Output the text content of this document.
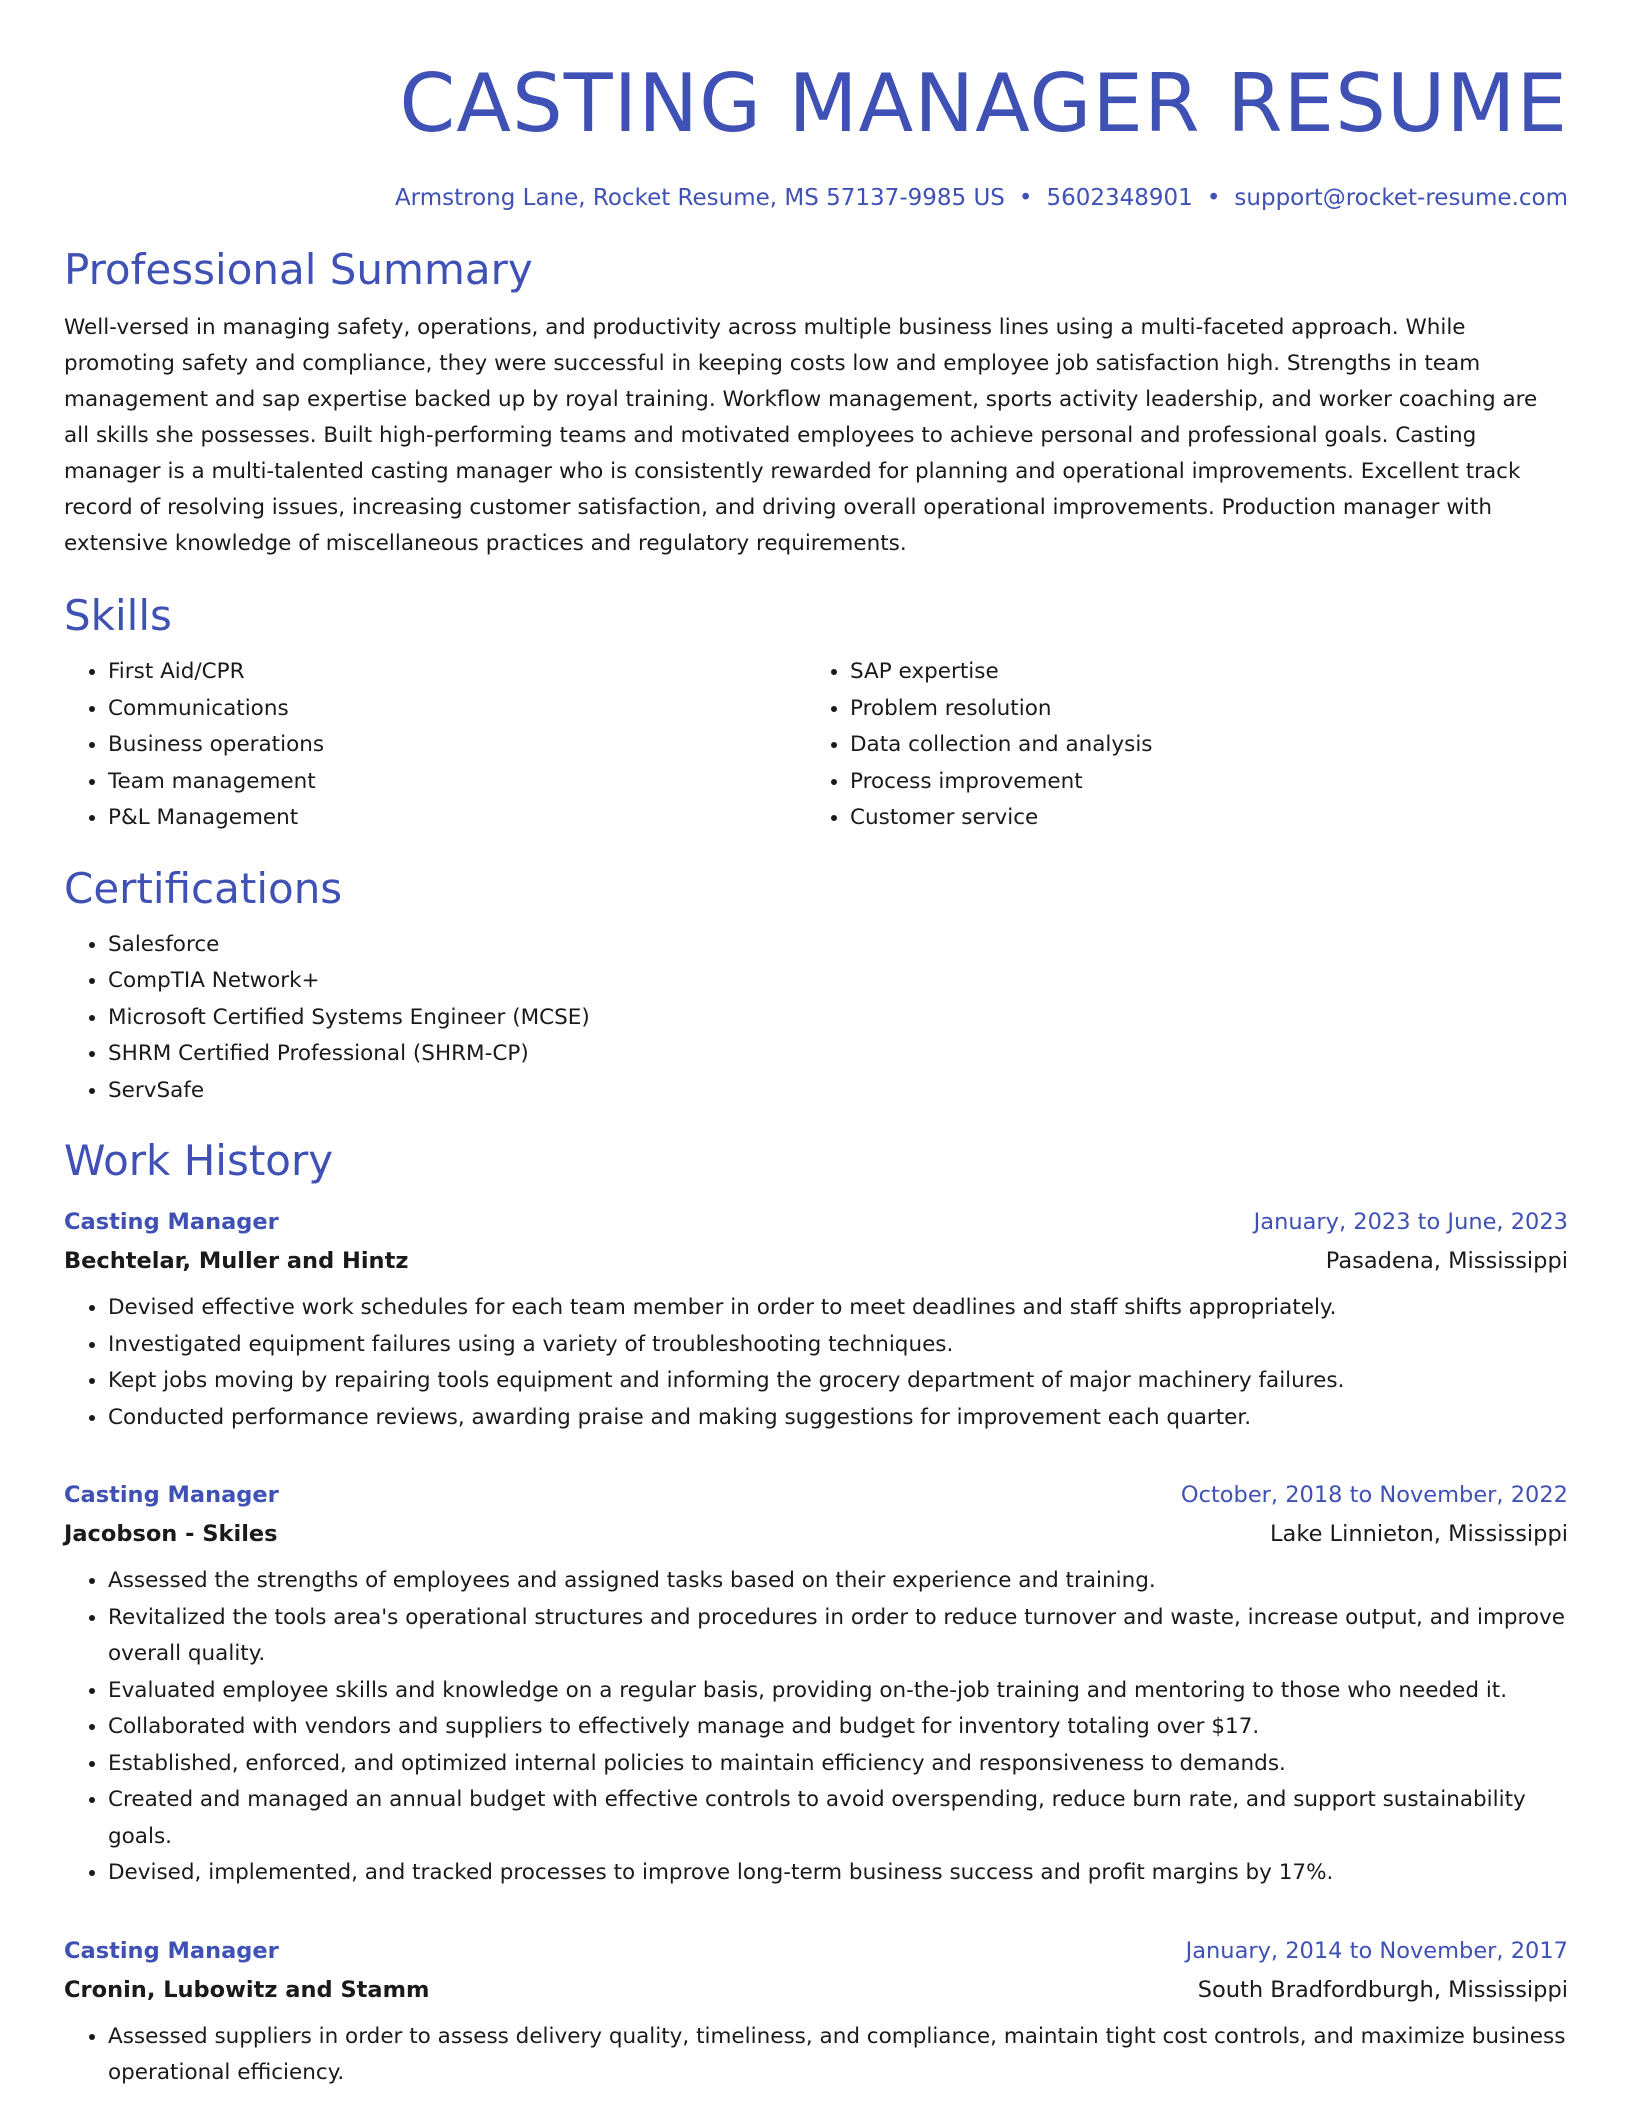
CASTING MANAGER RESUME
Armstrong Lane, Rocket Resume, MS 57137-9985 US • 5602348901 • support@rocket-resume.com
Professional Summary

Well-versed in managing safety, operations, and productivity across multiple business lines using a multi-faceted approach. While promoting safety and compliance, they were successful in keeping costs low and employee job satisfaction high. Strengths in team management and sap expertise backed up by royal training. Workflow management, sports activity leadership, and worker coaching are all skills she possesses. Built high-performing teams and motivated employees to achieve personal and professional goals. Casting manager is a multi-talented casting manager who is consistently rewarded for planning and operational improvements. Excellent track record of resolving issues, increasing customer satisfaction, and driving overall operational improvements. Production manager with extensive knowledge of miscellaneous practices and regulatory requirements.

Skills
• First Aid/CPR
• Communications
• Business operations
• Team management
• P&L Management
• SAP expertise
• Problem resolution
• Data collection and analysis
• Process improvement
• Customer service
Certifications
• Salesforce
• CompTIA Network+
• Microsoft Certified Systems Engineer (MCSE)
• SHRM Certified Professional (SHRM-CP)
• ServSafe
Work History
Casting Manager	January, 2023 to June, 2023
Bechtelar, Muller and Hintz	Pasadena, Mississippi
• Devised effective work schedules for each team member in order to meet deadlines and staff shifts appropriately.
• Investigated equipment failures using a variety of troubleshooting techniques.
• Kept jobs moving by repairing tools equipment and informing the grocery department of major machinery failures.
• Conducted performance reviews, awarding praise and making suggestions for improvement each quarter.
Casting Manager	October, 2018 to November, 2022
Jacobson - Skiles	Lake Linnieton, Mississippi
• Assessed the strengths of employees and assigned tasks based on their experience and training.
• Revitalized the tools area's operational structures and procedures in order to reduce turnover and waste, increase output, and improve overall quality.
• Evaluated employee skills and knowledge on a regular basis, providing on-the-job training and mentoring to those who needed it.
• Collaborated with vendors and suppliers to effectively manage and budget for inventory totaling over $17.
• Established, enforced, and optimized internal policies to maintain efficiency and responsiveness to demands.
• Created and managed an annual budget with effective controls to avoid overspending, reduce burn rate, and support sustainability goals.
• Devised, implemented, and tracked processes to improve long-term business success and profit margins by 17%.
Casting Manager	January, 2014 to November, 2017
Cronin, Lubowitz and Stamm	South Bradfordburgh, Mississippi
• Assessed suppliers in order to assess delivery quality, timeliness, and compliance, maintain tight cost controls, and maximize business operational efficiency.
